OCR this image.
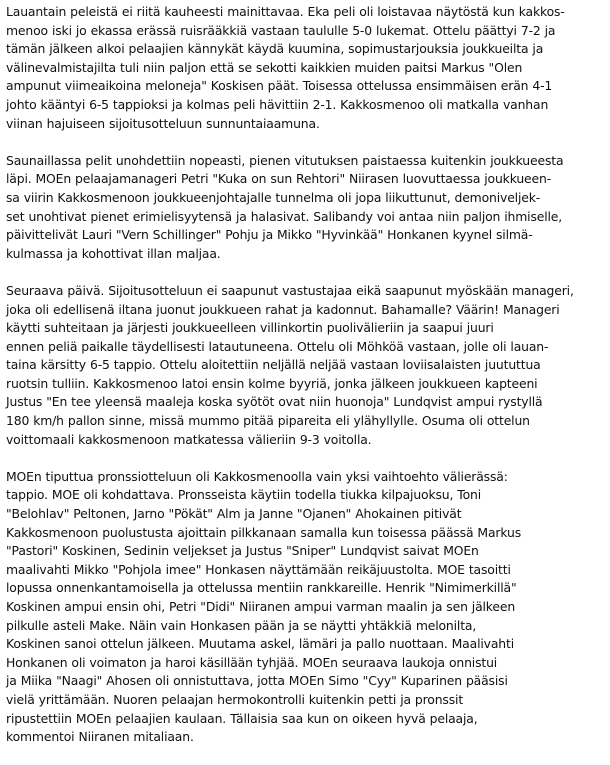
Lauantain peleistä ei riitä kauheesti mainittavaa. Eka peli oli loistavaa näytöstä kun kakkos-
menoo iski jo ekassa erässä ruisrääkkiä vastaan taululle 5-0 lukemat. Ottelu päättyi 7-2 ja
tämän jälkeen alkoi pelaajien kännykät käydä kuumina, sopimustarjouksia joukkueilta ja
välinevalmistajilta tuli niin paljon että se sekotti kaikkien muiden paitsi Markus "Olen
ampunut viimeaikoina meloneja" Koskisen päät. Toisessa ottelussa ensimmäisen erän 4-1
johto kääntyi 6-5 tappioksi ja kolmas peli hävittiin 2-1. Kakkosmenoo oli matkalla vanhan
viinan hajuiseen sijoitusotteluun sunnuntaiaamuna.

Saunaillassa pelit unohdettiin nopeasti, pienen vitutuksen paistaessa kuitenkin joukkueesta
läpi. MOEn pelaajamanageri Petri "Kuka on sun Rehtori" Niirasen luovuttaessa joukkueen-
sa viirin Kakkosmenoon joukkueenjohtajalle tunnelma oli jopa liikuttunut, demoniveljek-
set unohtivat pienet erimielisyytensä ja halasivat. Salibandy voi antaa niin paljon ihmiselle,
päivittelivät Lauri "Vern Schillinger" Pohju ja Mikko "Hyvinkää" Honkanen kyynel silmä-
kulmassa ja kohottivat illan maljaa.

Seuraava päivä. Sijoitusotteluun ei saapunut vastustajaa eikä saapunut myöskään manageri,
joka oli edellisenä iltana juonut joukkueen rahat ja kadonnut. Bahamalle? Väärin! Manageri
käytti suhteitaan ja järjesti joukkueelleen villinkortin puolivälieriin ja saapui juuri
ennen peliä paikalle täydellisesti latautuneena. Ottelu oli Möhköä vastaan, jolle oli lauan-
taina kärsitty 6-5 tappio. Ottelu aloitettiin neljällä neljää vastaan loviisalaisten juututtua
ruotsin tulliin. Kakkosmenoo latoi ensin kolme byyriä, jonka jälkeen joukkueen kapteeni
Justus "En tee yleensä maaleja koska syötöt ovat niin huonoja" Lundqvist ampui rystyllä
180 km/h pallon sinne, missä mummo pitää pipareita eli ylähyllylle. Osuma oli ottelun
voittomaali kakkosmenoon matkatessa välieriin 9-3 voitolla.

MOEn tiputtua pronssiotteluun oli Kakkosmenoolla vain yksi vaihtoehto välierässä:
tappio. MOE oli kohdattava. Pronsseista käytiin todella tiukka kilpajuoksu, Toni
"Belohlav" Peltonen, Jarno "Pökät" Alm ja Janne "Ojanen" Ahokainen pitivät
Kakkosmenoon puolustusta ajoittain pilkkanaan samalla kun toisessa päässä Markus
"Pastori" Koskinen, Sedinin veljekset ja Justus "Sniper" Lundqvist saivat MOEn
maalivahti Mikko "Pohjola imee" Honkasen näyttämään reikäjuustolta. MOE tasoitti
lopussa onnenkantamoisella ja ottelussa mentiin rankkareille. Henrik "Nimimerkillä"
Koskinen ampui ensin ohi, Petri "Didi" Niiranen ampui varman maalin ja sen jälkeen
pilkulle asteli Make. Näin vain Honkasen pään ja se näytti yhtäkkiä melonilta,
Koskinen sanoi ottelun jälkeen. Muutama askel, lämäri ja pallo nuottaan. Maalivahti
Honkanen oli voimaton ja haroi käsillään tyhjää. MOEn seuraava laukoja onnistui
ja Miika "Naagi" Ahosen oli onnistuttava, jotta MOEn Simo "Cyy" Kuparinen pääsisi
vielä yrittämään. Nuoren pelaajan hermokontrolli kuitenkin petti ja pronssit
ripustettiin MOEn pelaajien kaulaan. Tällaisia saa kun on oikeen hyvä pelaaja,
kommentoi Niiranen mitaliaan.
